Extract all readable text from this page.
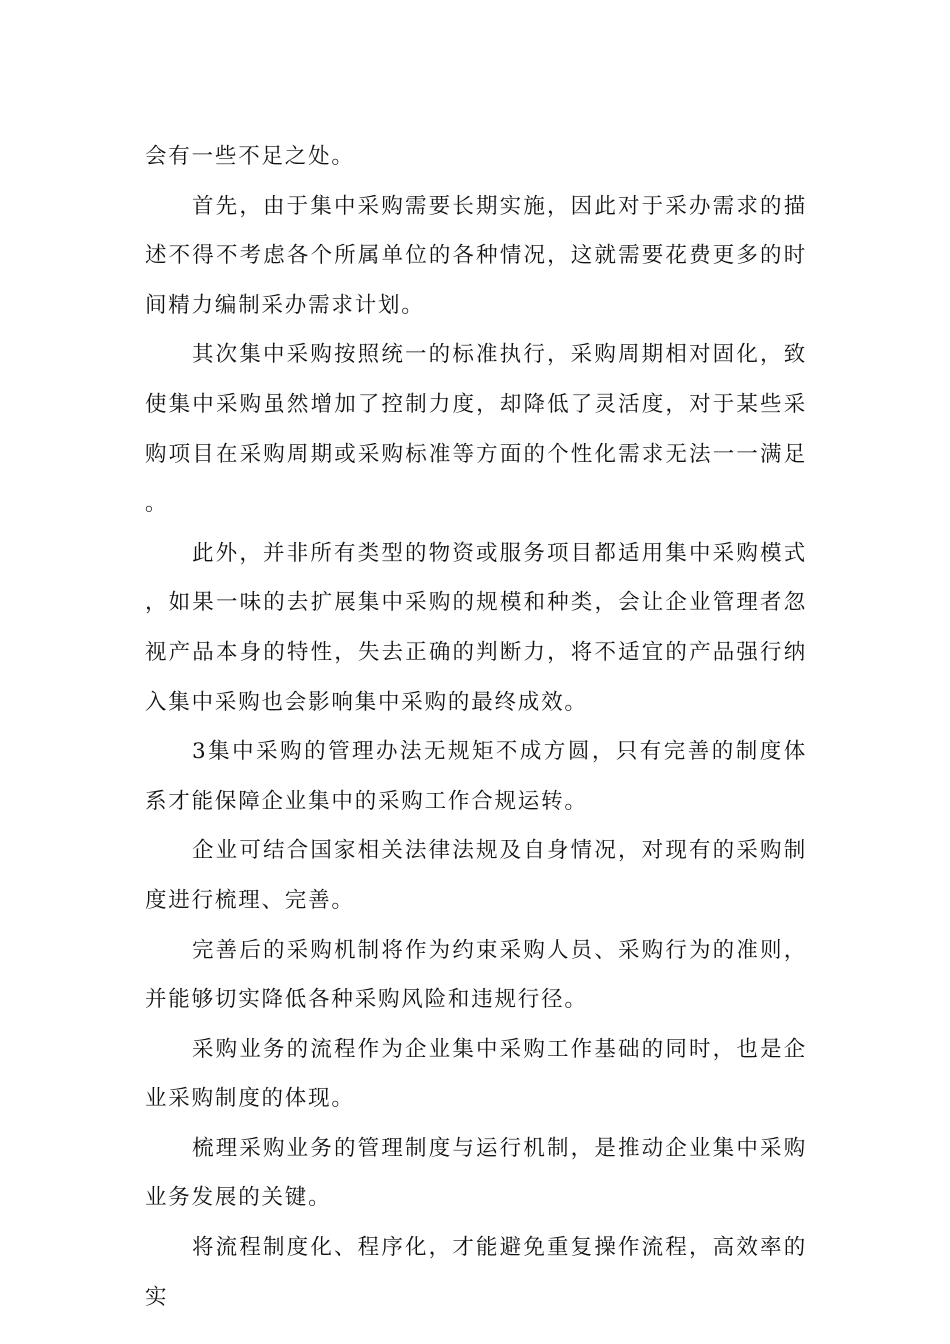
会有一些不足之处。

首先，由于集中采购需要长期实施，因此对于采办需求的描述不得不考虑各个所属单位的各种情况，这就需要花费更多的时间精力编制采办需求计划。

其次集中采购按照统一的标准执行，采购周期相对固化，致使集中采购虽然增加了控制力度，却降低了灵活度，对于某些采购项目在采购周期或采购标准等方面的个性化需求无法一一满足。

此外，并非所有类型的物资或服务项目都适用集中采购模式，如果一味的去扩展集中采购的规模和种类，会让企业管理者忽视产品本身的特性，失去正确的判断力，将不适宜的产品强行纳入集中采购也会影响集中采购的最终成效。

3集中采购的管理办法无规矩不成方圆，只有完善的制度体系才能保障企业集中的采购工作合规运转。

企业可结合国家相关法律法规及自身情况，对现有的采购制度进行梳理、完善。

完善后的采购机制将作为约束采购人员、采购行为的准则，并能够切实降低各种采购风险和违规行径。

采购业务的流程作为企业集中采购工作基础的同时，也是企业采购制度的体现。

梳理采购业务的管理制度与运行机制，是推动企业集中采购业务发展的关键。

将流程制度化、程序化，才能避免重复操作流程，高效率的实
